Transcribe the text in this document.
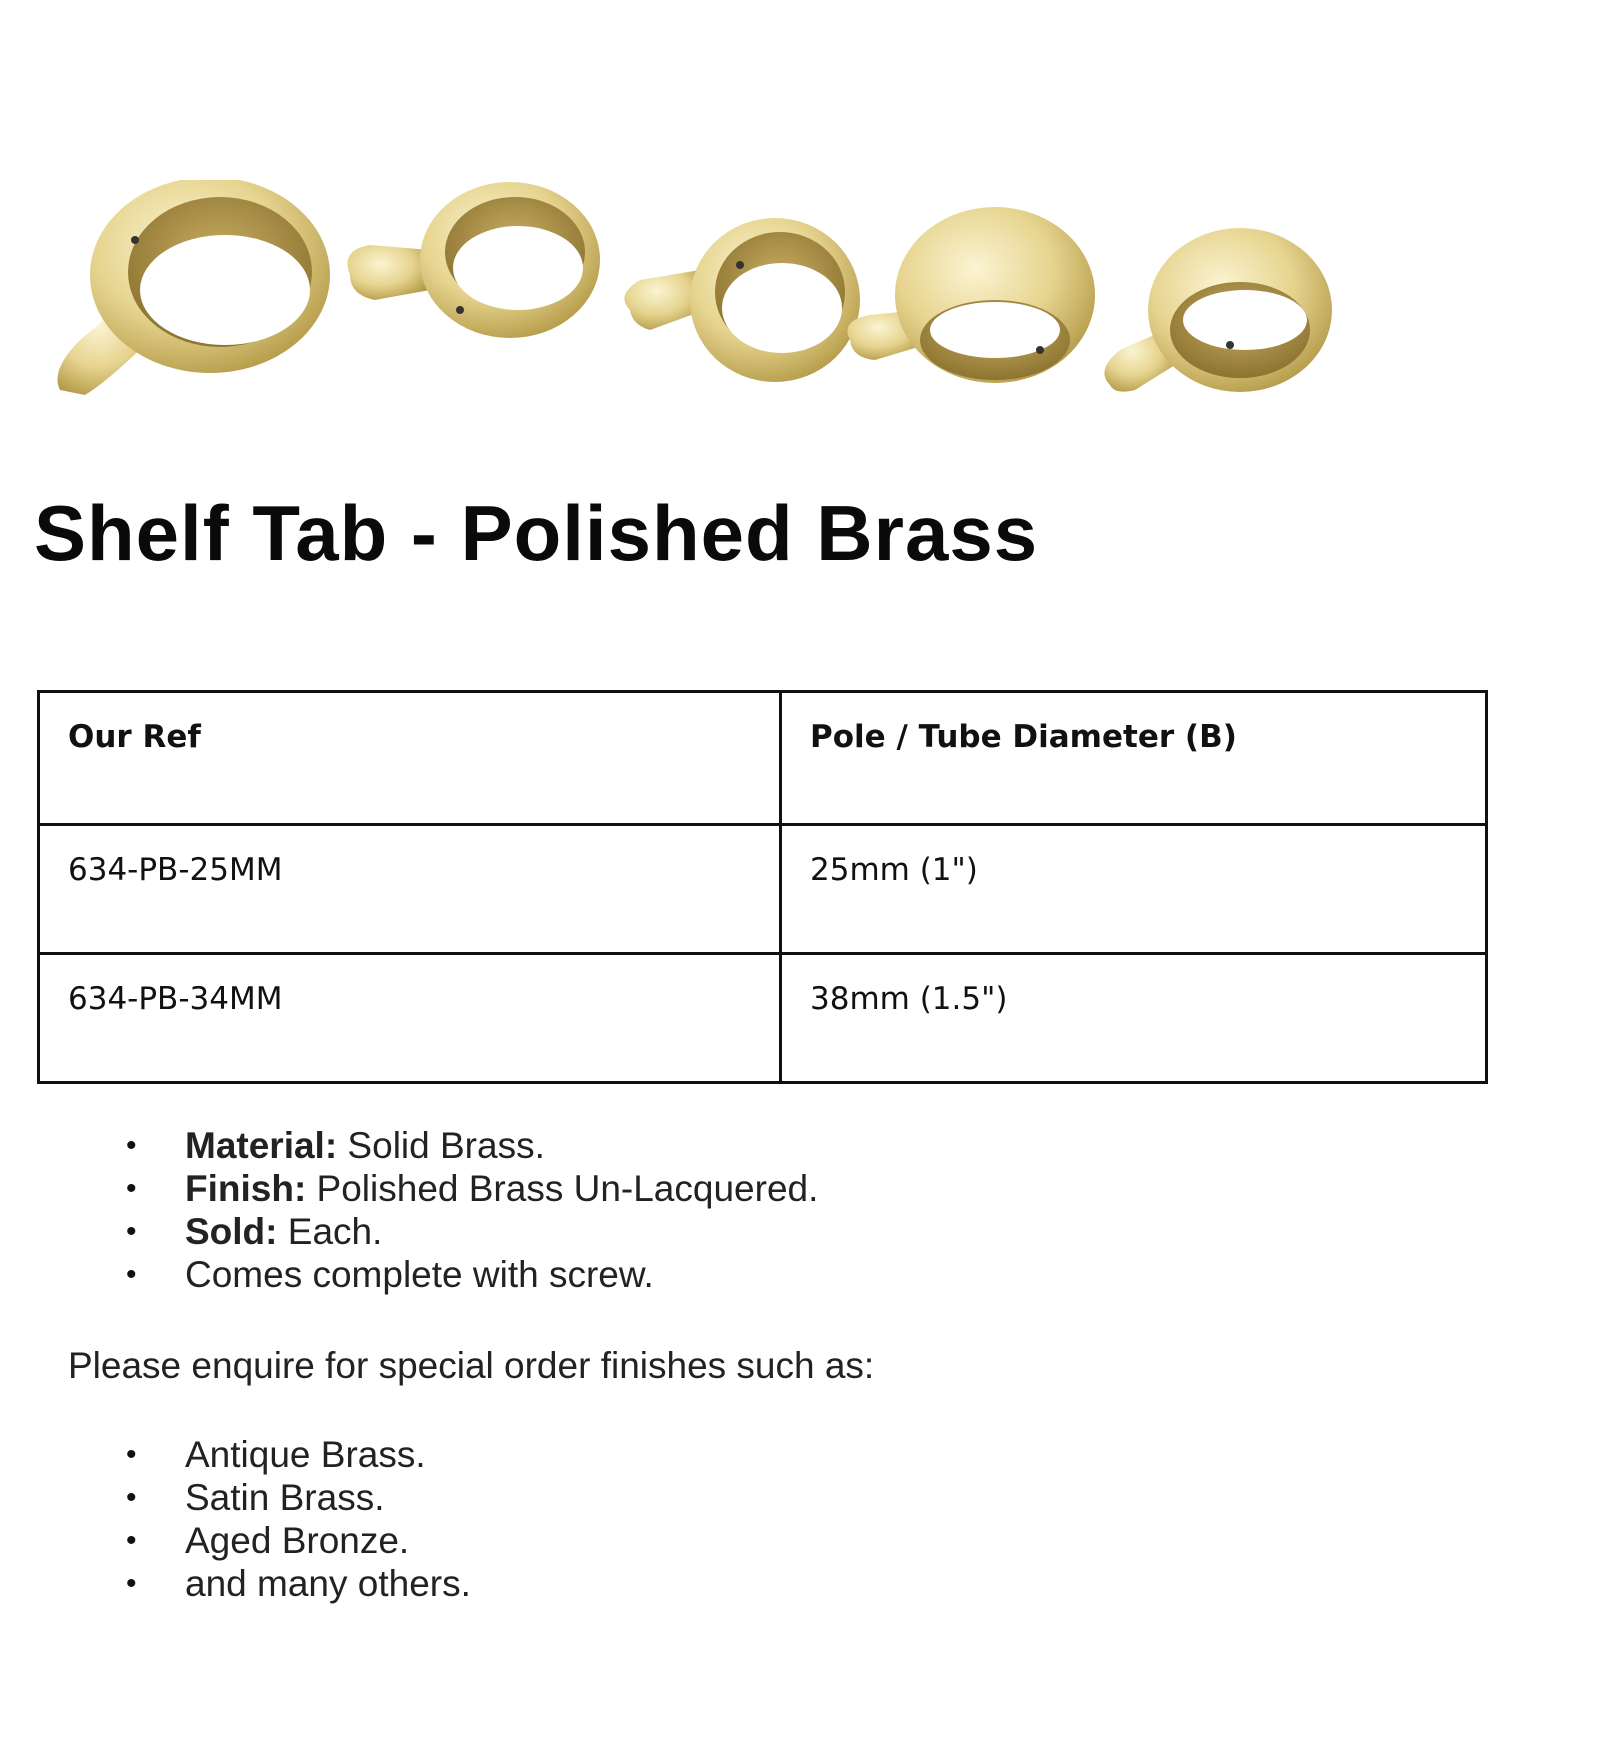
Shelf Tab - Polished Brass
Our Ref	Pole / Tube Diameter (B)
634-PB-25MM	25mm (1")
634-PB-34MM	38mm (1.5")
• Material: Solid Brass.
• Finish: Polished Brass Un-Lacquered.
• Sold: Each.
• Comes complete with screw.

Please enquire for special order finishes such as:

• Antique Brass.
• Satin Brass.
• Aged Bronze.
• and many others.
